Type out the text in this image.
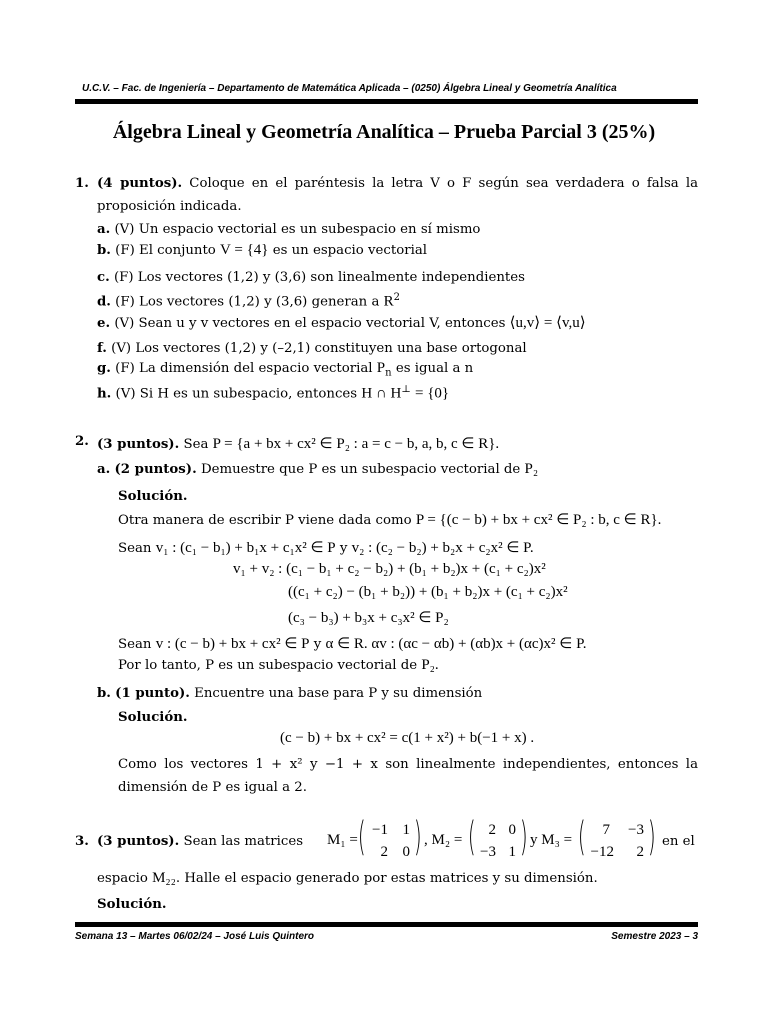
U.C.V. – Fac. de Ingeniería – Departamento de Matemática Aplicada – (0250) Álgebra Lineal y Geometría Analítica
Álgebra Lineal y Geometría Analítica – Prueba Parcial 3 (25%)
1. (4 puntos). Coloque en el paréntesis la letra V o F según sea verdadera o falsa la
proposición indicada.
a. (V) Un espacio vectorial es un subespacio en sí mismo
b. (F) El conjunto V = {4} es un espacio vectorial
c. (F) Los vectores (1,2) y (3,6) son linealmente independientes
d. (F) Los vectores (1,2) y (3,6) generan a $R^2$
e. (V) Sean u y v vectores en el espacio vectorial V, entonces ⟨u,v⟩ = ⟨v,u⟩
f. (V) Los vectores (1,2) y (–2,1) constituyen una base ortogonal
g. (F) La dimensión del espacio vectorial $P_n$ es igual a n
h. (V) Si H es un subespacio, entonces H ∩ H⊥ = {0}
2. (3 puntos). Sea P = {a + bx + cx² ∈ P₂ : a = c − b, a, b, c ∈ R}.
a. (2 puntos). Demuestre que P es un subespacio vectorial de P₂
Solución.
Otra manera de escribir P viene dada como P = {(c − b) + bx + cx² ∈ P₂ : b, c ∈ R}.
Sean v₁ : (c₁ − b₁) + b₁x + c₁x² ∈ P y v₂ : (c₂ − b₂) + b₂x + c₂x² ∈ P.
v₁ + v₂ : (c₁ − b₁ + c₂ − b₂) + (b₁ + b₂)x + (c₁ + c₂)x²
((c₁ + c₂) − (b₁ + b₂)) + (b₁ + b₂)x + (c₁ + c₂)x²
(c₃ − b₃) + b₃x + c₃x² ∈ P₂
Sean v : (c − b) + bx + cx² ∈ P y α ∈ R. αv : (αc − αb) + (αb)x + (αc)x² ∈ P.
Por lo tanto, P es un subespacio vectorial de P₂.
b. (1 punto). Encuentre una base para P y su dimensión
Solución.
(c − b) + bx + cx² = c(1 + x²) + b(−1 + x) .
Como los vectores 1 + x² y −1 + x son linealmente independientes, entonces la
dimensión de P es igual a 2.
3. (3 puntos). Sean las matrices M₁ = ( −1 1
2 0 ) , M₂ = ( 2 0
−3 1 ) y M₃ = (	7	−3
−12	2 ) en el
espacio M₂₂. Halle el espacio generado por estas matrices y su dimensión.
Solución.
Semana 13 – Martes 06/02/24 – José Luis Quintero	Semestre 2023 – 3
